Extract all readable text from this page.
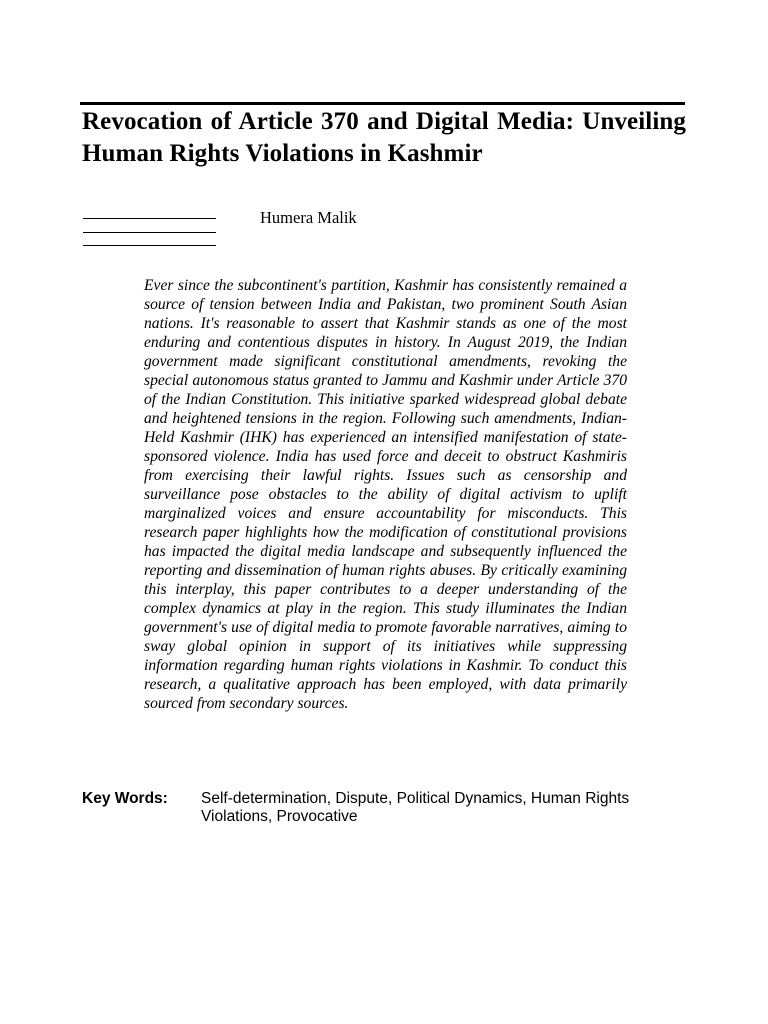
Revocation of Article 370 and Digital Media: Unveiling Human Rights Violations in Kashmir
Humera Malik

Ever since the subcontinent's partition, Kashmir has consistently remained a source of tension between India and Pakistan, two prominent South Asian nations. It's reasonable to assert that Kashmir stands as one of the most enduring and contentious disputes in history. In August 2019, the Indian government made significant constitutional amendments, revoking the special autonomous status granted to Jammu and Kashmir under Article 370 of the Indian Constitution. This initiative sparked widespread global debate and heightened tensions in the region. Following such amendments, Indian-Held Kashmir (IHK) has experienced an intensified manifestation of state-sponsored violence. India has used force and deceit to obstruct Kashmiris from exercising their lawful rights. Issues such as censorship and surveillance pose obstacles to the ability of digital activism to uplift marginalized voices and ensure accountability for misconducts. This research paper highlights how the modification of constitutional provisions has impacted the digital media landscape and subsequently influenced the reporting and dissemination of human rights abuses. By critically examining this interplay, this paper contributes to a deeper understanding of the complex dynamics at play in the region. This study illuminates the Indian government's use of digital media to promote favorable narratives, aiming to sway global opinion in support of its initiatives while suppressing information regarding human rights violations in Kashmir. To conduct this research, a qualitative approach has been employed, with data primarily sourced from secondary sources.

Key Words: Self-determination, Dispute, Political Dynamics, Human Rights Violations, Provocative
